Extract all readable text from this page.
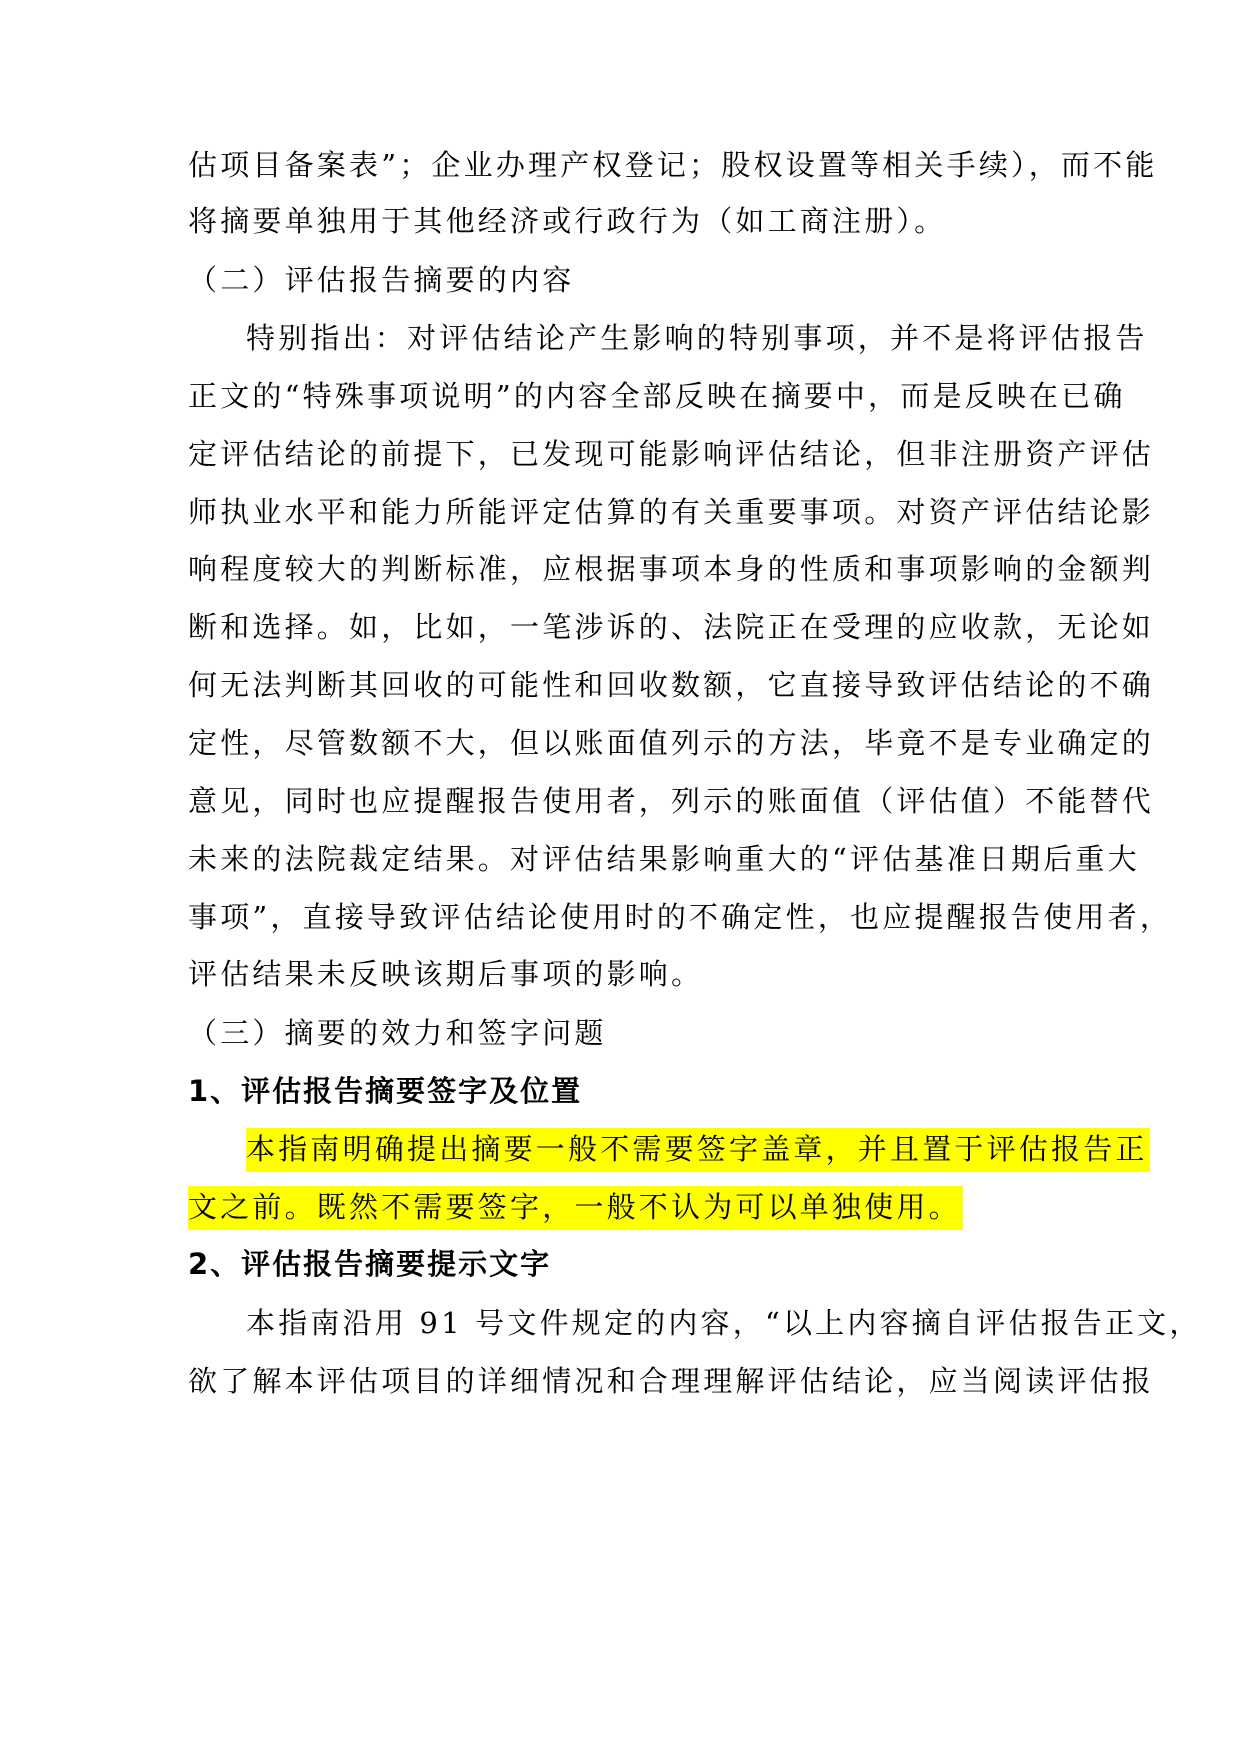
估项目备案表”；企业办理产权登记；股权设置等相关手续），而不能
将摘要单独用于其他经济或行政行为（如工商注册）。
（二）评估报告摘要的内容
特别指出：对评估结论产生影响的特别事项，并不是将评估报告
正文的“特殊事项说明”的内容全部反映在摘要中，而是反映在已确
定评估结论的前提下，已发现可能影响评估结论，但非注册资产评估
师执业水平和能力所能评定估算的有关重要事项。对资产评估结论影
响程度较大的判断标准，应根据事项本身的性质和事项影响的金额判
断和选择。如，比如，一笔涉诉的、法院正在受理的应收款，无论如
何无法判断其回收的可能性和回收数额，它直接导致评估结论的不确
定性，尽管数额不大，但以账面值列示的方法，毕竟不是专业确定的
意见，同时也应提醒报告使用者，列示的账面值（评估值）不能替代
未来的法院裁定结果。对评估结果影响重大的“评估基准日期后重大
事项”，直接导致评估结论使用时的不确定性，也应提醒报告使用者，
评估结果未反映该期后事项的影响。
（三）摘要的效力和签字问题
1、评估报告摘要签字及位置
本指南明确提出摘要一般不需要签字盖章，并且置于评估报告正
文之前。既然不需要签字，一般不认为可以单独使用。
2、评估报告摘要提示文字
本指南沿用 91 号文件规定的内容，“以上内容摘自评估报告正文，
欲了解本评估项目的详细情况和合理理解评估结论，应当阅读评估报
